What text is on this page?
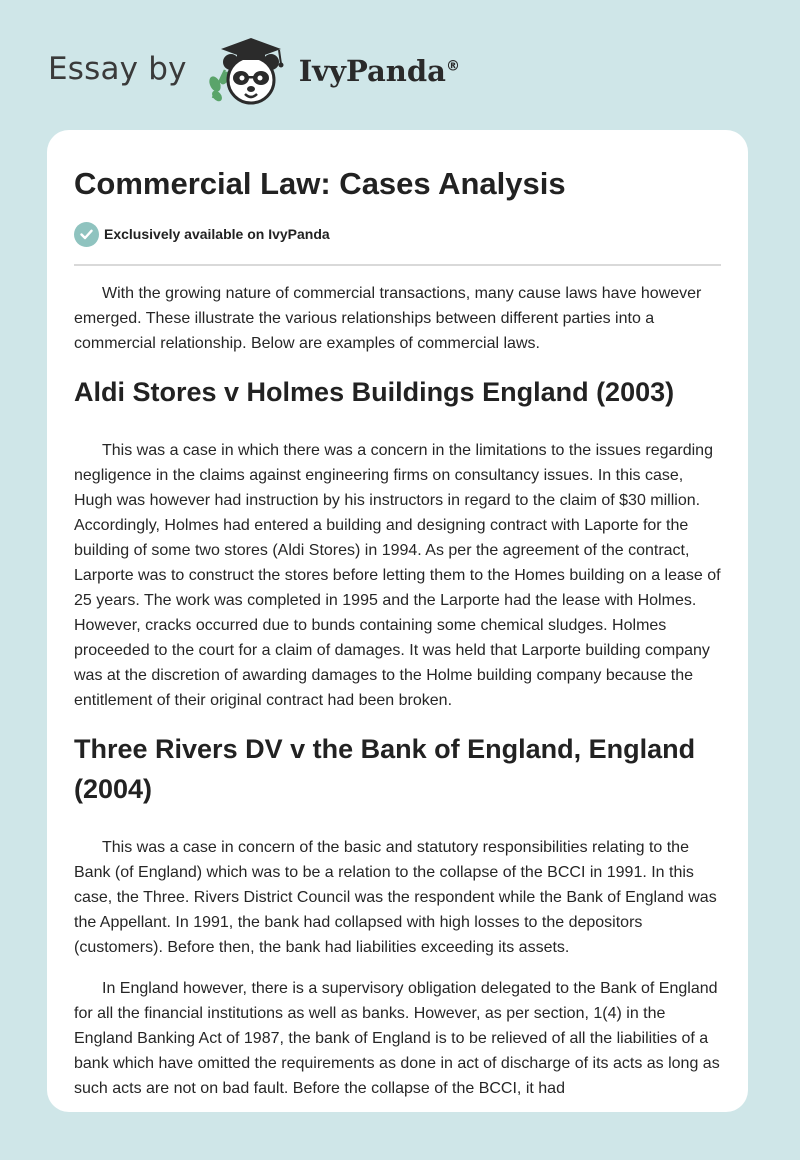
Essay by	IvyPanda®
Commercial Law: Cases Analysis
Exclusively available on IvyPanda

With the growing nature of commercial transactions, many cause laws have however emerged. These illustrate the various relationships between different parties into a commercial relationship. Below are examples of commercial laws.

Aldi Stores v Holmes Buildings England (2003)

This was a case in which there was a concern in the limitations to the issues regarding negligence in the claims against engineering firms on consultancy issues. In this case, Hugh was however had instruction by his instructors in regard to the claim of $30 million. Accordingly, Holmes had entered a building and designing contract with Laporte for the building of some two stores (Aldi Stores) in 1994. As per the agreement of the contract, Larporte was to construct the stores before letting them to the Homes building on a lease of 25 years. The work was completed in 1995 and the Larporte had the lease with Holmes. However, cracks occurred due to bunds containing some chemical sludges. Holmes proceeded to the court for a claim of damages. It was held that Larporte building company was at the discretion of awarding damages to the Holme building company because the entitlement of their original contract had been broken.

Three Rivers DV v the Bank of England, England (2004)

This was a case in concern of the basic and statutory responsibilities relating to the Bank (of England) which was to be a relation to the collapse of the BCCI in 1991. In this case, the Three. Rivers District Council was the respondent while the Bank of England was the Appellant. In 1991, the bank had collapsed with high losses to the depositors (customers). Before then, the bank had liabilities exceeding its assets.

In England however, there is a supervisory obligation delegated to the Bank of England for all the financial institutions as well as banks. However, as per section, 1(4) in the England Banking Act of 1987, the bank of England is to be relieved of all the liabilities of a bank which have omitted the requirements as done in act of discharge of its acts as long as such acts are not on bad fault. Before the collapse of the BCCI, it had
